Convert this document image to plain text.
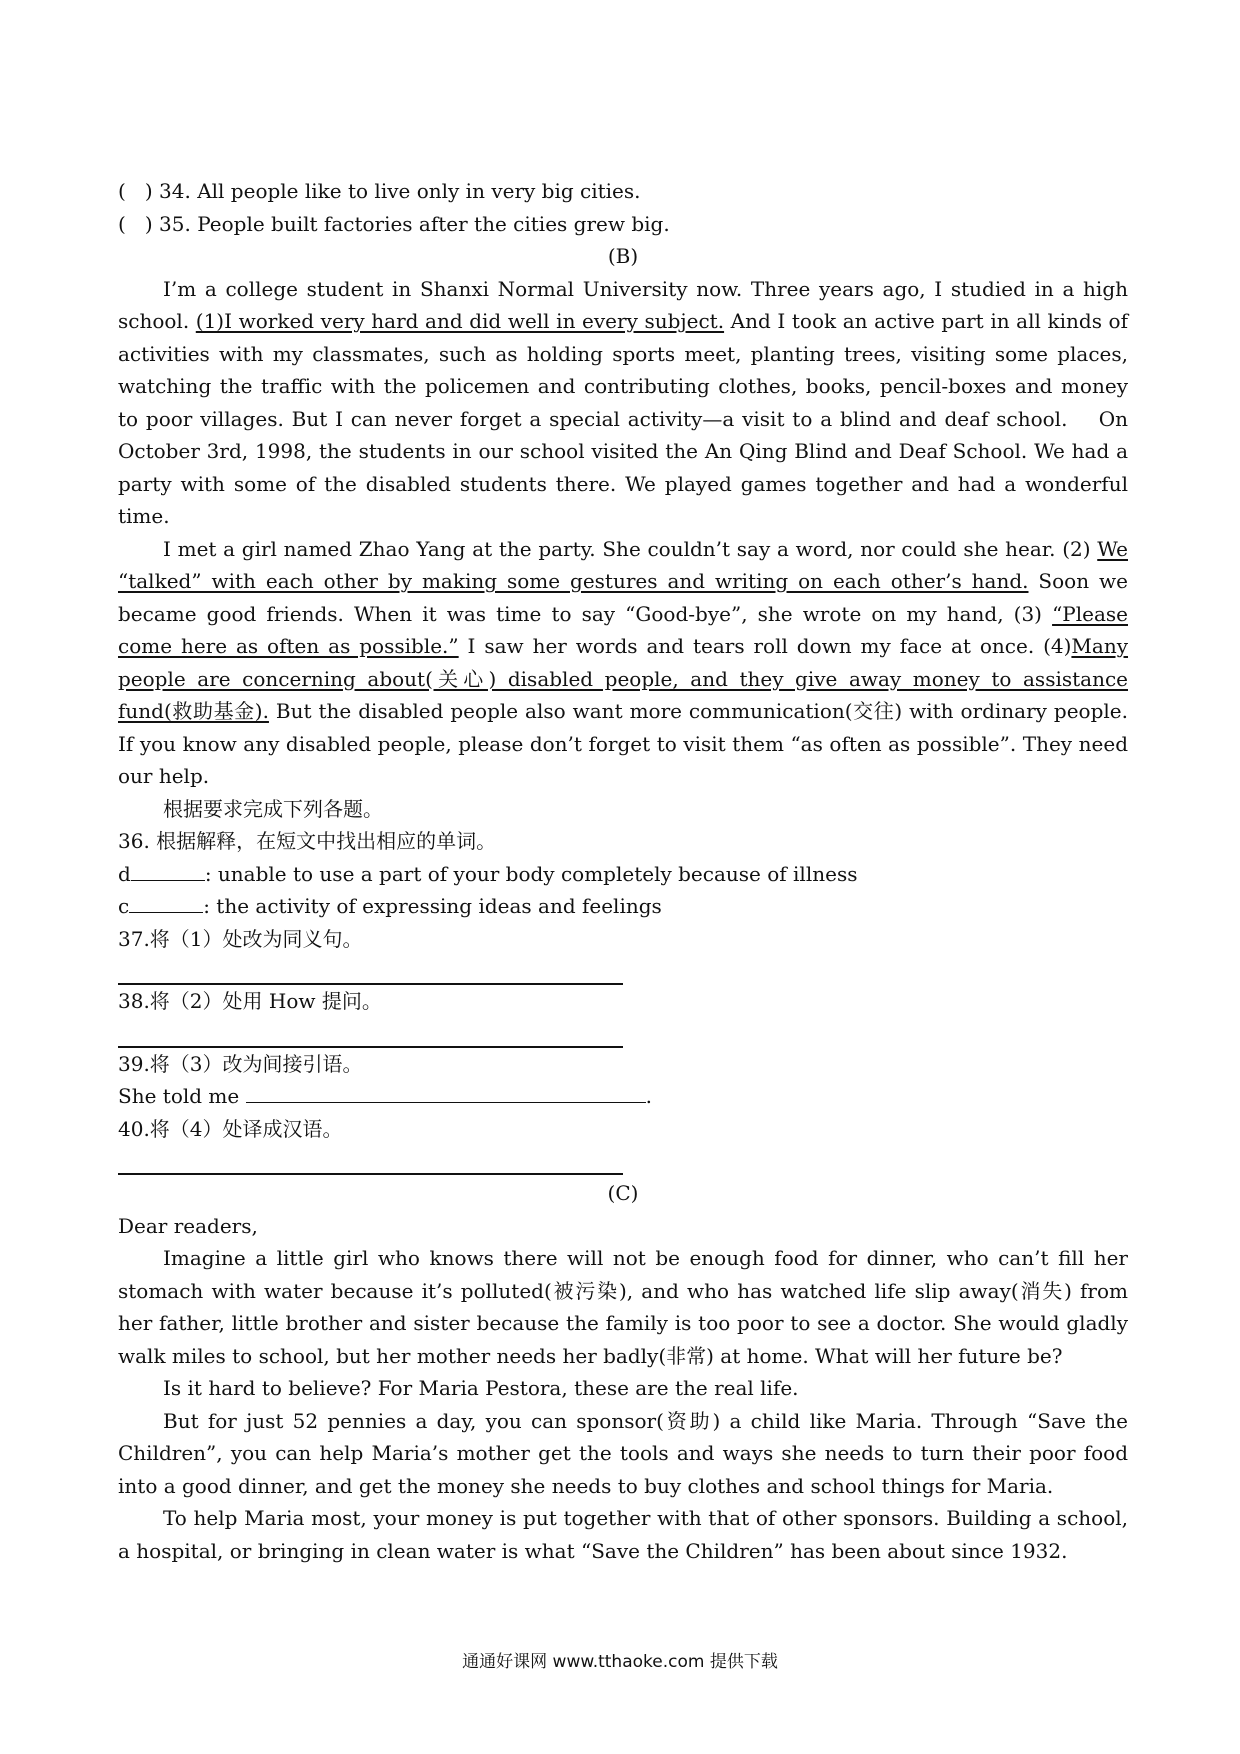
(   ) 34. All people like to live only in very big cities.
(   ) 35. People built factories after the cities grew big.
(B)

I’m a college student in Shanxi Normal University now. Three years ago, I studied in a high school. (1)I worked very hard and did well in every subject. And I took an active part in all kinds of activities with my classmates, such as holding sports meet, planting trees, visiting some places, watching the traffic with the policemen and contributing clothes, books, pencil-boxes and money to poor villages. But I can never forget a special activity—a visit to a blind and deaf school.    On October 3rd, 1998, the students in our school visited the An Qing Blind and Deaf School. We had a party with some of the disabled students there. We played games together and had a wonderful time.

I met a girl named Zhao Yang at the party. She couldn’t say a word, nor could she hear. (2) We “talked” with each other by making some gestures and writing on each other’s hand. Soon we became good friends. When it was time to say “Good-bye”, she wrote on my hand, (3) “Please come here as often as possible.” I saw her words and tears roll down my face at once. (4)Many people are concerning about(关心) disabled people, and they give away money to assistance fund(救助基金). But the disabled people also want more communication(交往) with ordinary people. If you know any disabled people, please don’t forget to visit them “as often as possible”. They need our help.

根据要求完成下列各题。
36. 根据解释，在短文中找出相应的单词。
d	: unable to use a part of your body completely because of illness
c	: the activity of expressing ideas and feelings
37.将（1）处改为同义句。
38.将（2）处用 How 提问。
39.将（3）改为间接引语。
She told me	.
40.将（4）处译成汉语。
(C)
Dear readers,

Imagine a little girl who knows there will not be enough food for dinner, who can’t fill her stomach with water because it’s polluted(被污染), and who has watched life slip away(消失) from her father, little brother and sister because the family is too poor to see a doctor. She would gladly walk miles to school, but her mother needs her badly(非常) at home. What will her future be?

Is it hard to believe? For Maria Pestora, these are the real life.

But for just 52 pennies a day, you can sponsor(资助) a child like Maria. Through “Save the Children”, you can help Maria’s mother get the tools and ways she needs to turn their poor food into a good dinner, and get the money she needs to buy clothes and school things for Maria.

To help Maria most, your money is put together with that of other sponsors. Building a school, a hospital, or bringing in clean water is what “Save the Children” has been about since 1932.

通通好课网 www.tthaoke.com 提供下载
